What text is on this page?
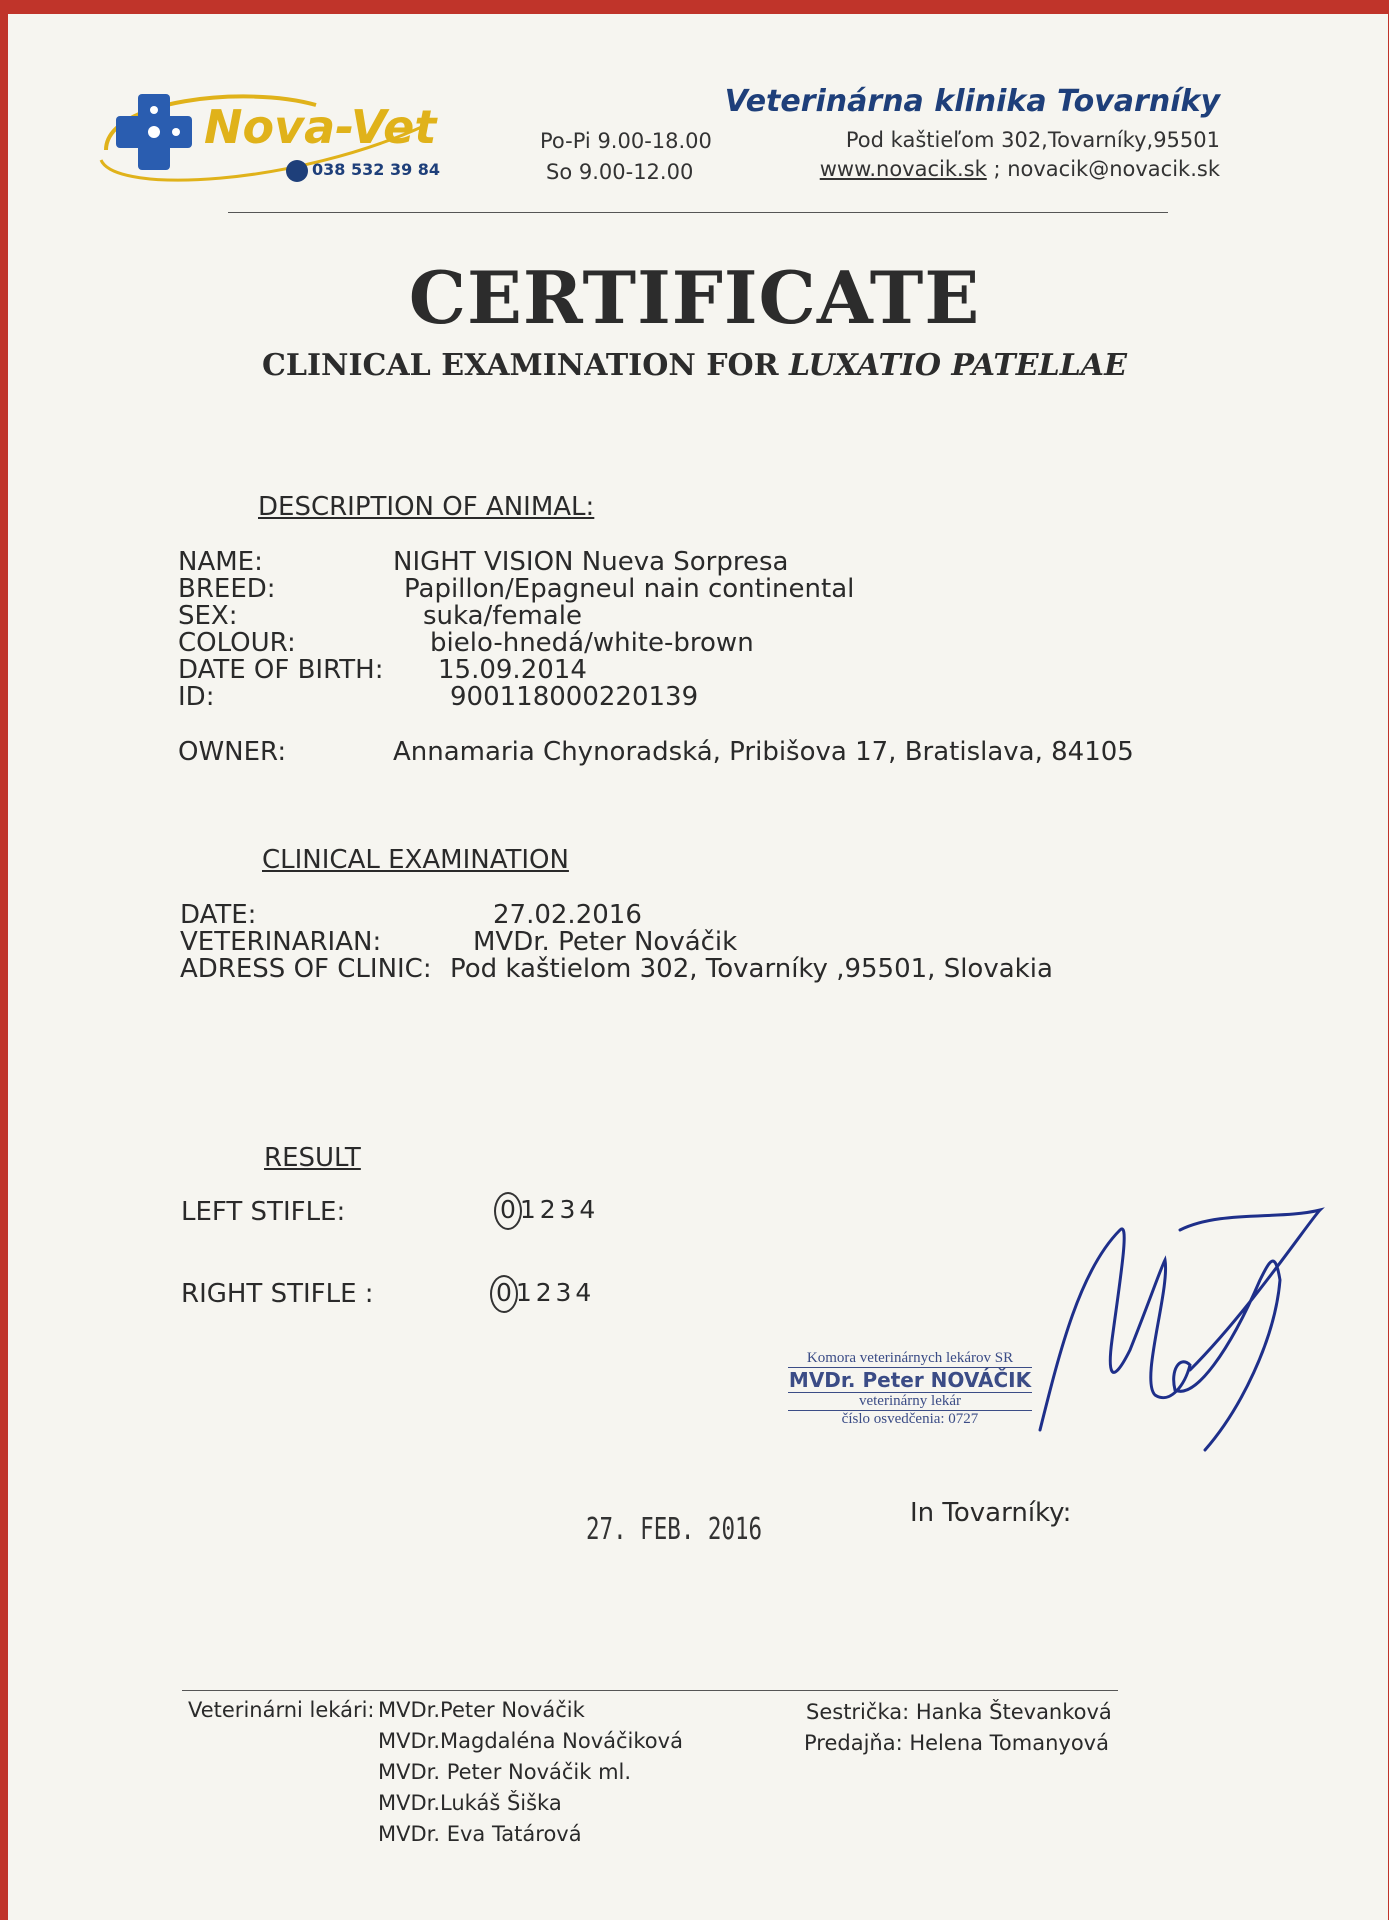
Nova-Vet
038 532 39 84
Po-Pi 9.00-18.00
So 9.00-12.00
Veterinárna klinika Tovarníky
Pod kaštieľom 302,Tovarníky,95501
www.novacik.sk ; novacik@novacik.sk
CERTIFICATE
CLINICAL EXAMINATION FOR LUXATIO PATELLAE
DESCRIPTION OF ANIMAL:
NAME:	NIGHT VISION Nueva Sorpresa
BREED:	Papillon/Epagneul nain continental
SEX:	suka/female
COLOUR:	bielo-hnedá/white-brown
DATE OF BIRTH: 15.09.2014
ID:	900118000220139
OWNER:	Annamaria Chynoradská, Pribišova 17, Bratislava, 84105
CLINICAL EXAMINATION
DATE:	27.02.2016
VETERINARIAN:	MVDr. Peter Nováčik
ADRESS OF CLINIC: Pod kaštielom 302, Tovarníky ,95501, Slovakia
RESULT
LEFT STIFLE:	0 1 2 3 4
RIGHT STIFLE :	0 1 2 3 4
Komora veterinárnych lekárov SR
MVDr. Peter NOVÁČIK
veterinárny lekár
číslo osvedčenia: 0727
27. FEB. 2016	In Tovarníky:
Veterinárni lekári: MVDr.Peter Nováčik
MVDr.Magdaléna Nováčiková
MVDr. Peter Nováčik ml.
MVDr.Lukáš Šiška
MVDr. Eva Tatárová
Sestrička: Hanka Števanková
Predajňa: Helena Tomanyová
